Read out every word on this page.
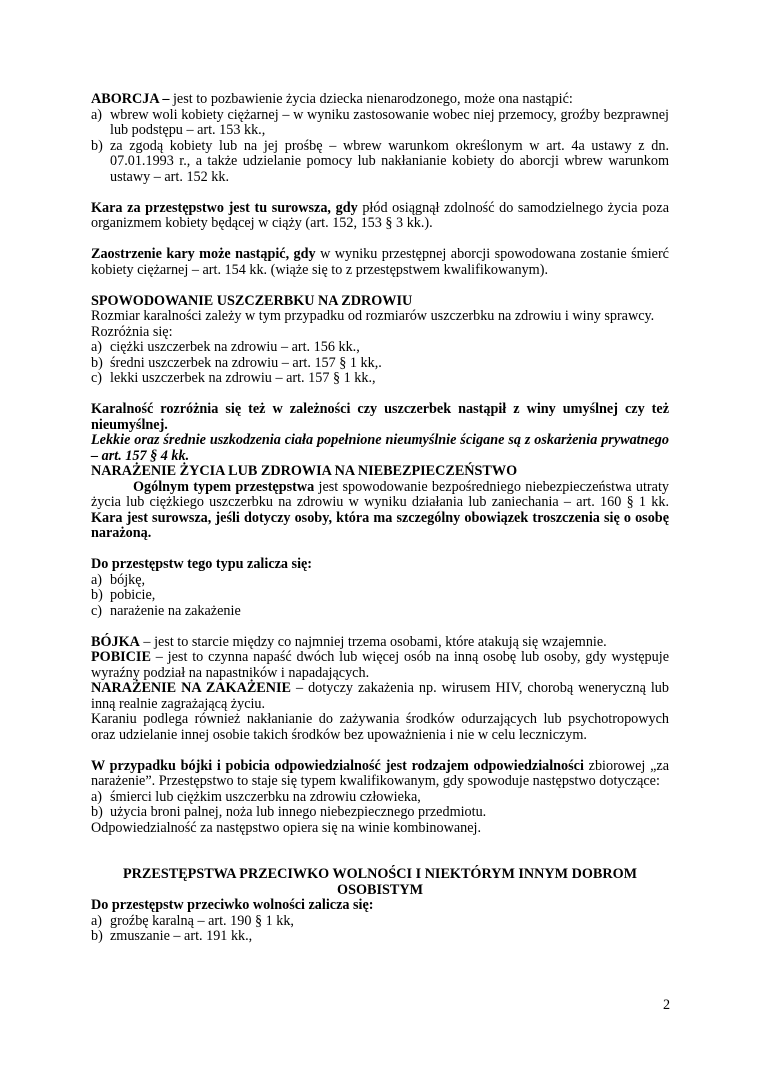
ABORCJA – jest to pozbawienie życia dziecka nienarodzonego, może ona nastąpić:

a) wbrew woli kobiety ciężarnej – w wyniku zastosowanie wobec niej przemocy, groźby bezprawnej lub podstępu – art. 153 kk.,
b) za zgodą kobiety lub na jej prośbę – wbrew warunkom określonym w art. 4a ustawy z dn. 07.01.1993 r., a także udzielanie pomocy lub nakłanianie kobiety do aborcji wbrew warunkom ustawy – art. 152 kk.

Kara za przestępstwo jest tu surowsza, gdy płód osiągnął zdolność do samodzielnego życia poza organizmem kobiety będącej w ciąży (art. 152, 153 § 3 kk.).

Zaostrzenie kary może nastąpić, gdy w wyniku przestępnej aborcji spowodowana zostanie śmierć kobiety ciężarnej – art. 154 kk. (wiąże się to z przestępstwem kwalifikowanym).

SPOWODOWANIE USZCZERBKU NA ZDROWIU

Rozmiar karalności zależy w tym przypadku od rozmiarów uszczerbku na zdrowiu i winy sprawcy.

Rozróżnia się:

a) ciężki uszczerbek na zdrowiu – art. 156 kk.,
b) średni uszczerbek na zdrowiu – art. 157 § 1 kk,.
c) lekki uszczerbek na zdrowiu – art. 157 § 1 kk.,

Karalność rozróżnia się też w zależności czy uszczerbek nastąpił z winy umyślnej czy też nieumyślnej.

Lekkie oraz średnie uszkodzenia ciała popełnione nieumyślnie ścigane są z oskarżenia prywatnego – art. 157 § 4 kk.

NARAŻENIE ŻYCIA LUB ZDROWIA NA NIEBEZPIECZEŃSTWO

Ogólnym typem przestępstwa jest spowodowanie bezpośredniego niebezpieczeństwa utraty życia lub ciężkiego uszczerbku na zdrowiu w wyniku działania lub zaniechania – art. 160 § 1 kk. Kara jest surowsza, jeśli dotyczy osoby, która ma szczególny obowiązek troszczenia się o osobę narażoną.

Do przestępstw tego typu zalicza się:

a) bójkę,
b) pobicie,
c) narażenie na zakażenie

BÓJKA – jest to starcie między co najmniej trzema osobami, które atakują się wzajemnie.

POBICIE – jest to czynna napaść dwóch lub więcej osób na inną osobę lub osoby, gdy występuje wyraźny podział na napastników i napadających.

NARAŻENIE NA ZAKAŻENIE – dotyczy zakażenia np. wirusem HIV, chorobą weneryczną lub inną realnie zagrażającą życiu.

Karaniu podlega również nakłanianie do zażywania środków odurzających lub psychotropowych oraz udzielanie innej osobie takich środków bez upoważnienia i nie w celu leczniczym.

W przypadku bójki i pobicia odpowiedzialność jest rodzajem odpowiedzialności zbiorowej „za narażenie”. Przestępstwo to staje się typem kwalifikowanym, gdy spowoduje następstwo dotyczące:

a) śmierci lub ciężkim uszczerbku na zdrowiu człowieka,
b) użycia broni palnej, noża lub innego niebezpiecznego przedmiotu.

Odpowiedzialność za następstwo opiera się na winie kombinowanej.

PRZESTĘPSTWA PRZECIWKO WOLNOŚCI I NIEKTÓRYM INNYM DOBROM

OSOBISTYM

Do przestępstw przeciwko wolności zalicza się:

a) groźbę karalną – art. 190 § 1 kk,
b) zmuszanie – art. 191 kk.,
2
